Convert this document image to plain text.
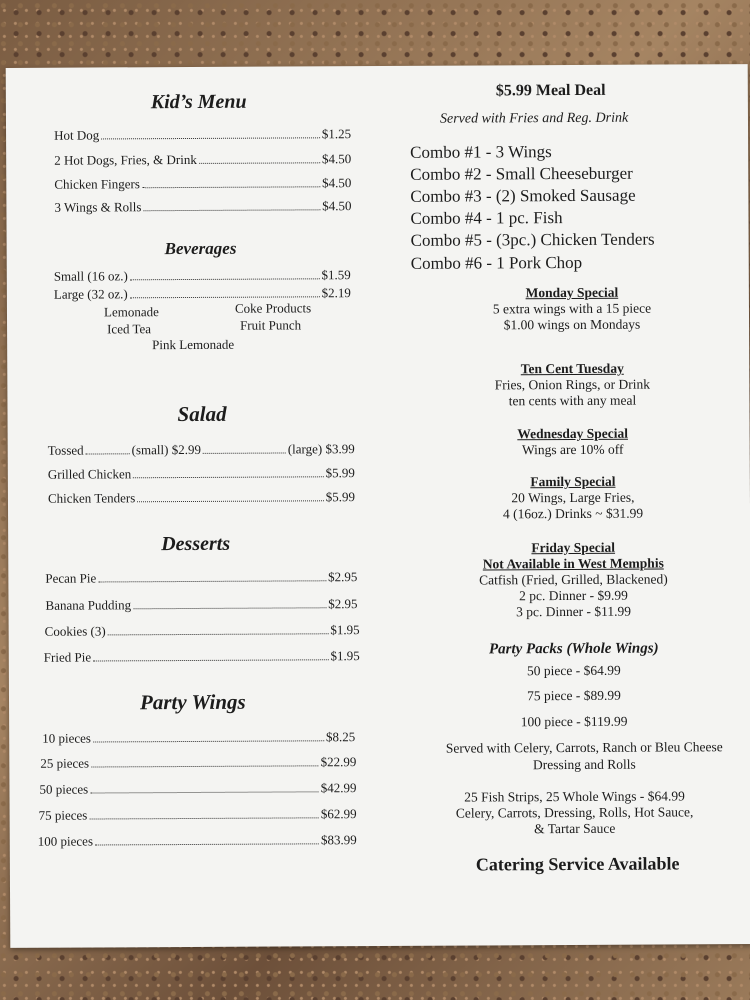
Kid’s Menu
Hot Dog	$1.25
2 Hot Dogs, Fries, & Drink	$4.50
Chicken Fingers	$4.50
3 Wings & Rolls	$4.50
Beverages
Small (16 oz.)	$1.59
Large (32 oz.)	$2.19
Lemonade	Coke Products
Iced Tea	Fruit Punch
Pink Lemonade
Salad
Tossed	(small) $2.99	(large) $3.99
Grilled Chicken	$5.99
Chicken Tenders	$5.99
Desserts
Pecan Pie	$2.95
Banana Pudding	$2.95
Cookies (3)	$1.95
Fried Pie	$1.95
Party Wings
10 pieces	$8.25
25 pieces	$22.99
50 pieces	$42.99
75 pieces	$62.99
100 pieces	$83.99
$5.99 Meal Deal
Served with Fries and Reg. Drink
Combo #1 - 3 Wings
Combo #2 - Small Cheeseburger
Combo #3 - (2) Smoked Sausage
Combo #4 - 1 pc. Fish
Combo #5 - (3pc.) Chicken Tenders
Combo #6 - 1 Pork Chop
Monday Special
5 extra wings with a 15 piece
$1.00 wings on Mondays
Ten Cent Tuesday
Fries, Onion Rings, or Drink
ten cents with any meal
Wednesday Special
Wings are 10% off
Family Special
20 Wings, Large Fries,
4 (16oz.) Drinks ~ $31.99
Friday Special
Not Available in West Memphis
Catfish (Fried, Grilled, Blackened)
2 pc. Dinner - $9.99
3 pc. Dinner - $11.99
Party Packs (Whole Wings)
50 piece - $64.99
75 piece - $89.99
100 piece - $119.99
Served with Celery, Carrots, Ranch or Bleu Cheese
Dressing and Rolls
25 Fish Strips, 25 Whole Wings - $64.99
Celery, Carrots, Dressing, Rolls, Hot Sauce,
& Tartar Sauce
Catering Service Available
